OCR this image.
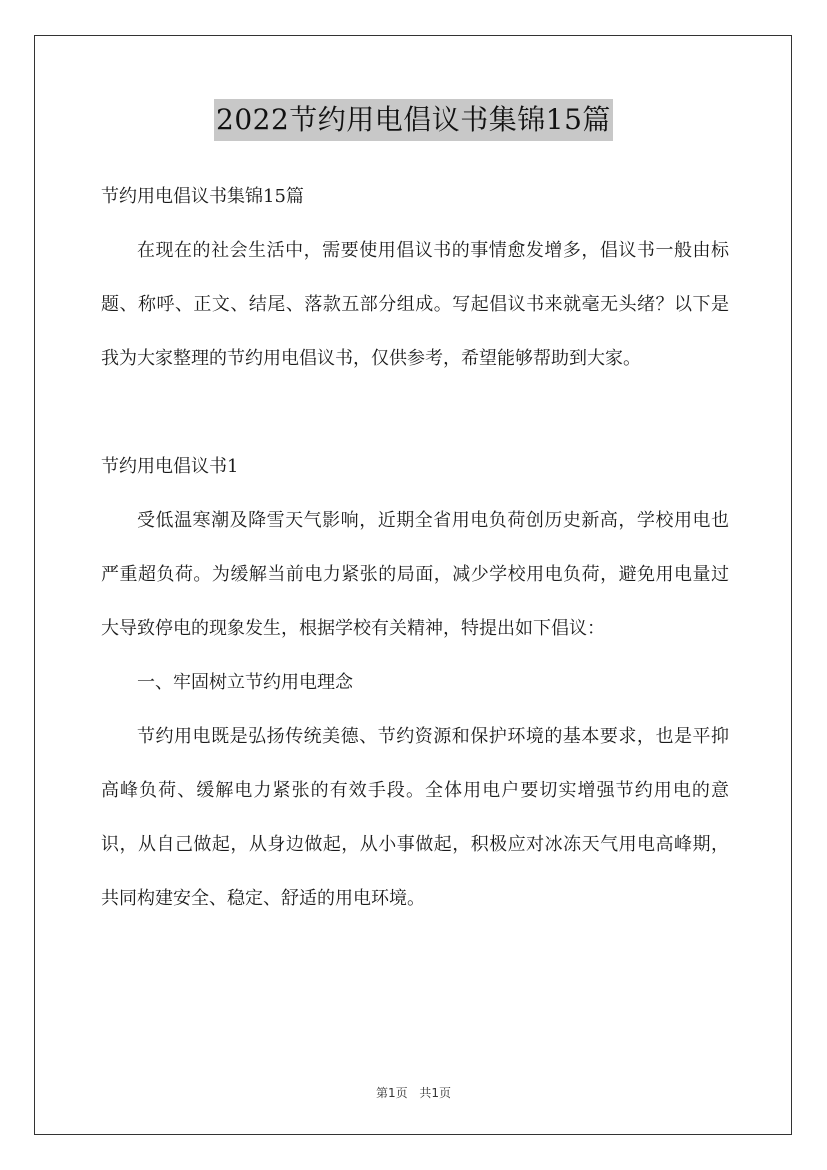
2022节约用电倡议书集锦15篇

节约用电倡议书集锦15篇

在现在的社会生活中，需要使用倡议书的事情愈发增多，倡议书一般由标题、称呼、正文、结尾、落款五部分组成。写起倡议书来就毫无头绪？以下是我为大家整理的节约用电倡议书，仅供参考，希望能够帮助到大家。

节约用电倡议书1

受低温寒潮及降雪天气影响，近期全省用电负荷创历史新高，学校用电也严重超负荷。为缓解当前电力紧张的局面，减少学校用电负荷，避免用电量过大导致停电的现象发生，根据学校有关精神，特提出如下倡议：

一、牢固树立节约用电理念

节约用电既是弘扬传统美德、节约资源和保护环境的基本要求，也是平抑高峰负荷、缓解电力紧张的有效手段。全体用电户要切实增强节约用电的意识，从自己做起，从身边做起，从小事做起，积极应对冰冻天气用电高峰期，共同构建安全、稳定、舒适的用电环境。

第1页 共1页
